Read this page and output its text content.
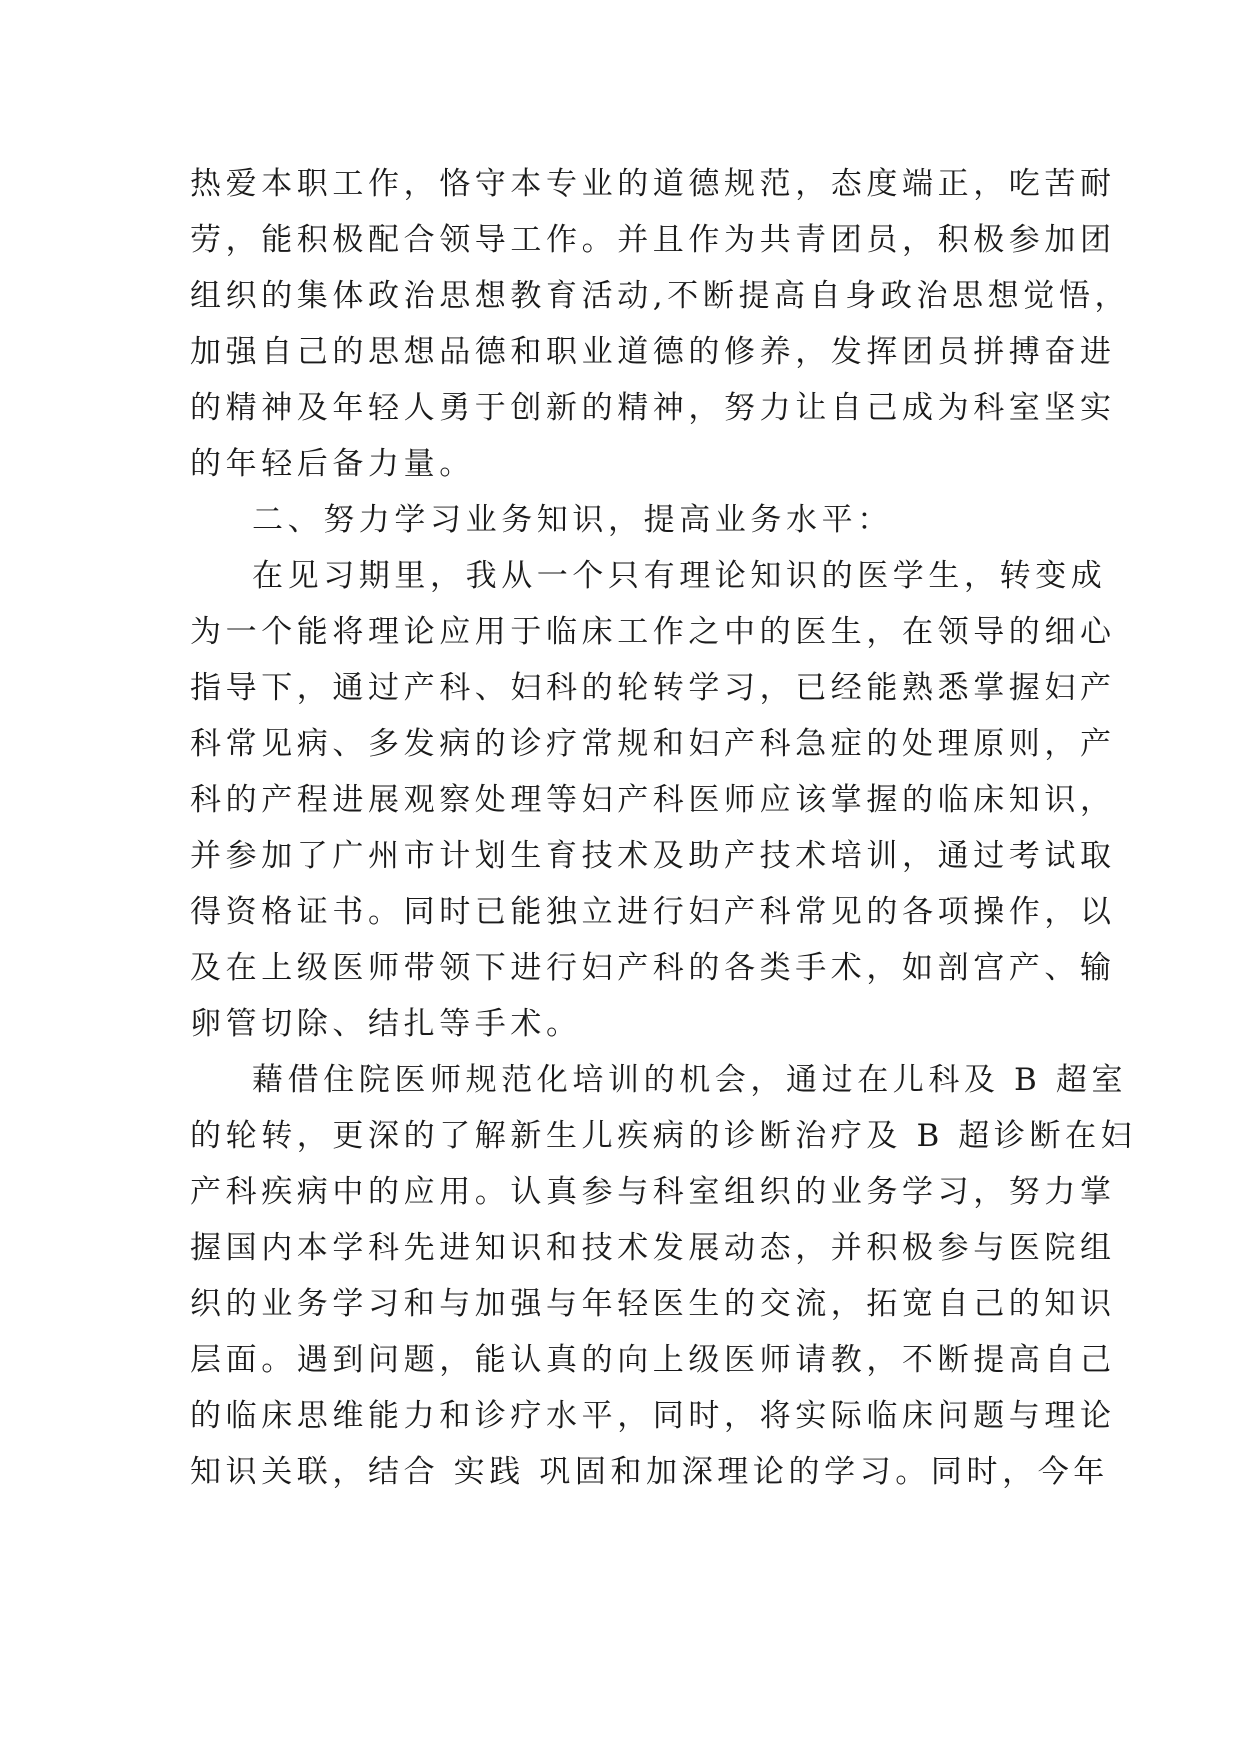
热爱本职工作，恪守本专业的道德规范，态度端正，吃苦耐
劳，能积极配合领导工作。并且作为共青团员，积极参加团
组织的集体政治思想教育活动,不断提高自身政治思想觉悟，
加强自己的思想品德和职业道德的修养，发挥团员拼搏奋进
的精神及年轻人勇于创新的精神，努力让自己成为科室坚实
的年轻后备力量。
二、努力学习业务知识，提高业务水平：
在见习期里，我从一个只有理论知识的医学生，转变成
为一个能将理论应用于临床工作之中的医生，在领导的细心
指导下，通过产科、妇科的轮转学习，已经能熟悉掌握妇产
科常见病、多发病的诊疗常规和妇产科急症的处理原则，产
科的产程进展观察处理等妇产科医师应该掌握的临床知识，
并参加了广州市计划生育技术及助产技术培训，通过考试取
得资格证书。同时已能独立进行妇产科常见的各项操作，以
及在上级医师带领下进行妇产科的各类手术，如剖宫产、输
卵管切除、结扎等手术。
藉借住院医师规范化培训的机会，通过在儿科及 B 超室
的轮转，更深的了解新生儿疾病的诊断治疗及 B 超诊断在妇
产科疾病中的应用。认真参与科室组织的业务学习，努力掌
握国内本学科先进知识和技术发展动态，并积极参与医院组
织的业务学习和与加强与年轻医生的交流，拓宽自己的知识
层面。遇到问题，能认真的向上级医师请教，不断提高自己
的临床思维能力和诊疗水平，同时，将实际临床问题与理论
知识关联，结合 实践 巩固和加深理论的学习。同时，今年
